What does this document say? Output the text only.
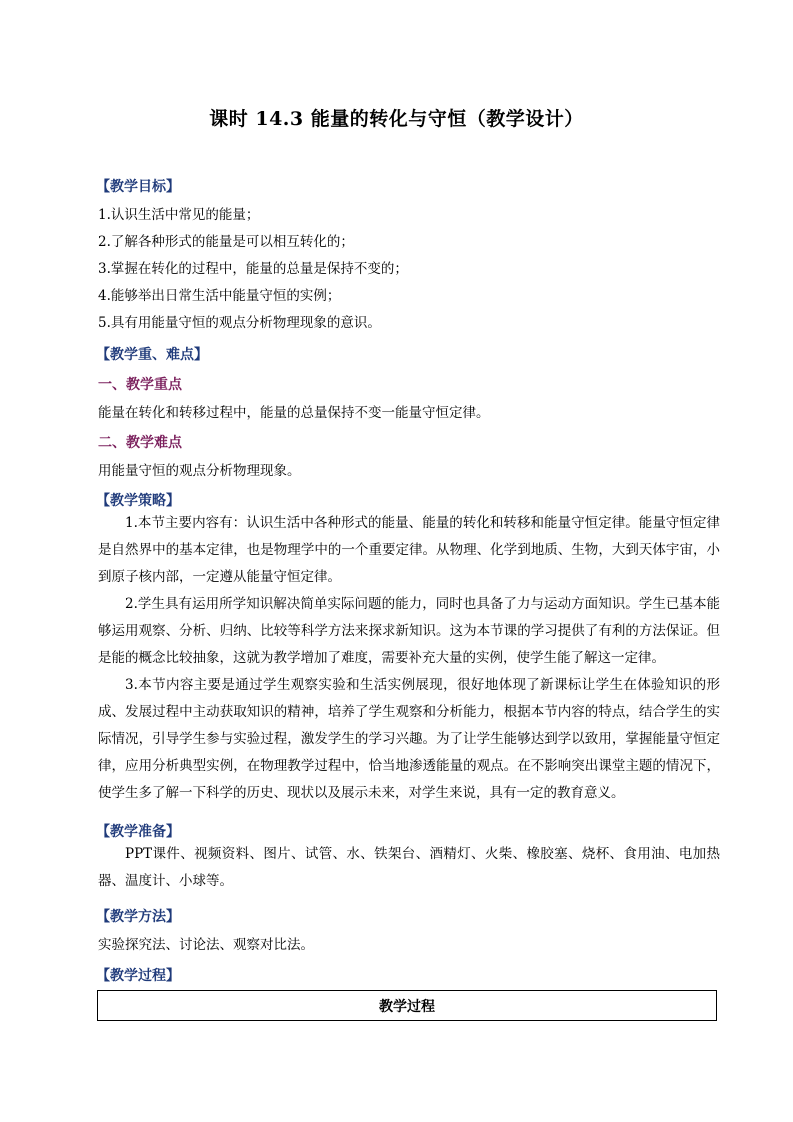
课时 14.3 能量的转化与守恒（教学设计）
【教学目标】
1.认识生活中常见的能量；
2.了解各种形式的能量是可以相互转化的；
3.掌握在转化的过程中，能量的总量是保持不变的；
4.能够举出日常生活中能量守恒的实例；
5.具有用能量守恒的观点分析物理现象的意识。
【教学重、难点】
一、教学重点
能量在转化和转移过程中，能量的总量保持不变一能量守恒定律。
二、教学难点
用能量守恒的观点分析物理现象。
【教学策略】
1.本节主要内容有：认识生活中各种形式的能量、能量的转化和转移和能量守恒定律。能量守恒定律是自然界中的基本定律，也是物理学中的一个重要定律。从物理、化学到地质、生物，大到天体宇宙，小到原子核内部，一定遵从能量守恒定律。
2.学生具有运用所学知识解决简单实际问题的能力，同时也具备了力与运动方面知识。学生已基本能够运用观察、分析、归纳、比较等科学方法来探求新知识。这为本节课的学习提供了有利的方法保证。但是能的概念比较抽象，这就为教学增加了难度，需要补充大量的实例，使学生能了解这一定律。
3.本节内容主要是通过学生观察实验和生活实例展现，很好地体现了新课标让学生在体验知识的形成、发展过程中主动获取知识的精神，培养了学生观察和分析能力，根据本节内容的特点，结合学生的实际情况，引导学生参与实验过程，激发学生的学习兴趣。为了让学生能够达到学以致用，掌握能量守恒定律，应用分析典型实例，在物理教学过程中，恰当地渗透能量的观点。在不影响突出课堂主题的情况下，使学生多了解一下科学的历史、现状以及展示未来，对学生来说，具有一定的教育意义。
【教学准备】
PPT课件、视频资料、图片、试管、水、铁架台、酒精灯、火柴、橡胶塞、烧杯、食用油、电加热器、温度计、小球等。
【教学方法】
实验探究法、讨论法、观察对比法。
【教学过程】
教学过程
